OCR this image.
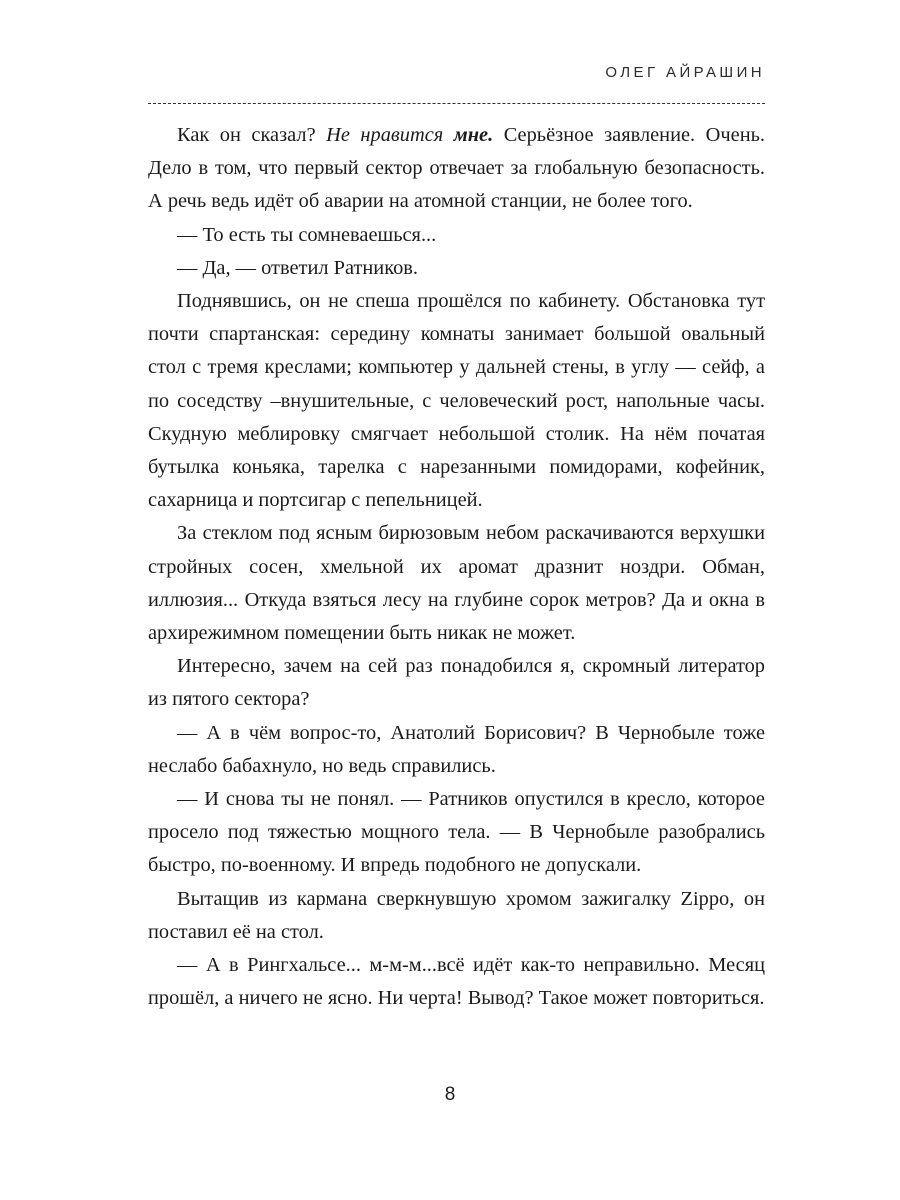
ОЛЕГ АЙРАШИН

Как он сказал? Не нравится мне. Серьёзное заявление. Очень. Дело в том, что первый сектор отвечает за глобальную безопасность. А речь ведь идёт об аварии на атомной станции, не более того.

— То есть ты сомневаешься...

— Да, — ответил Ратников.

Поднявшись, он не спеша прошёлся по кабинету. Обстановка тут почти спартанская: середину комнаты занимает большой овальный стол с тремя креслами; компьютер у дальней стены, в углу — сейф, а по соседству –внушительные, с человеческий рост, напольные часы. Скудную меблировку смягчает небольшой столик. На нём початая бутылка коньяка, тарелка с нарезанными помидорами, кофейник, сахарница и портсигар с пепельницей.

За стеклом под ясным бирюзовым небом раскачиваются верхушки стройных сосен, хмельной их аромат дразнит ноздри. Обман, иллюзия... Откуда взяться лесу на глубине сорок метров? Да и окна в архирежимном помещении быть никак не может.

Интересно, зачем на сей раз понадобился я, скромный литератор из пятого сектора?

— А в чём вопрос-то, Анатолий Борисович? В Чернобыле тоже неслабо бабахнуло, но ведь справились.

— И снова ты не понял. — Ратников опустился в кресло, которое просело под тяжестью мощного тела. — В Чернобыле разобрались быстро, по-военному. И впредь подобного не допускали.

Вытащив из кармана сверкнувшую хромом зажигалку Zippo, он поставил её на стол.

— А в Рингхальсе... м-м-м...всё идёт как-то неправильно. Месяц прошёл, а ничего не ясно. Ни черта! Вывод? Такое может повториться.

8
